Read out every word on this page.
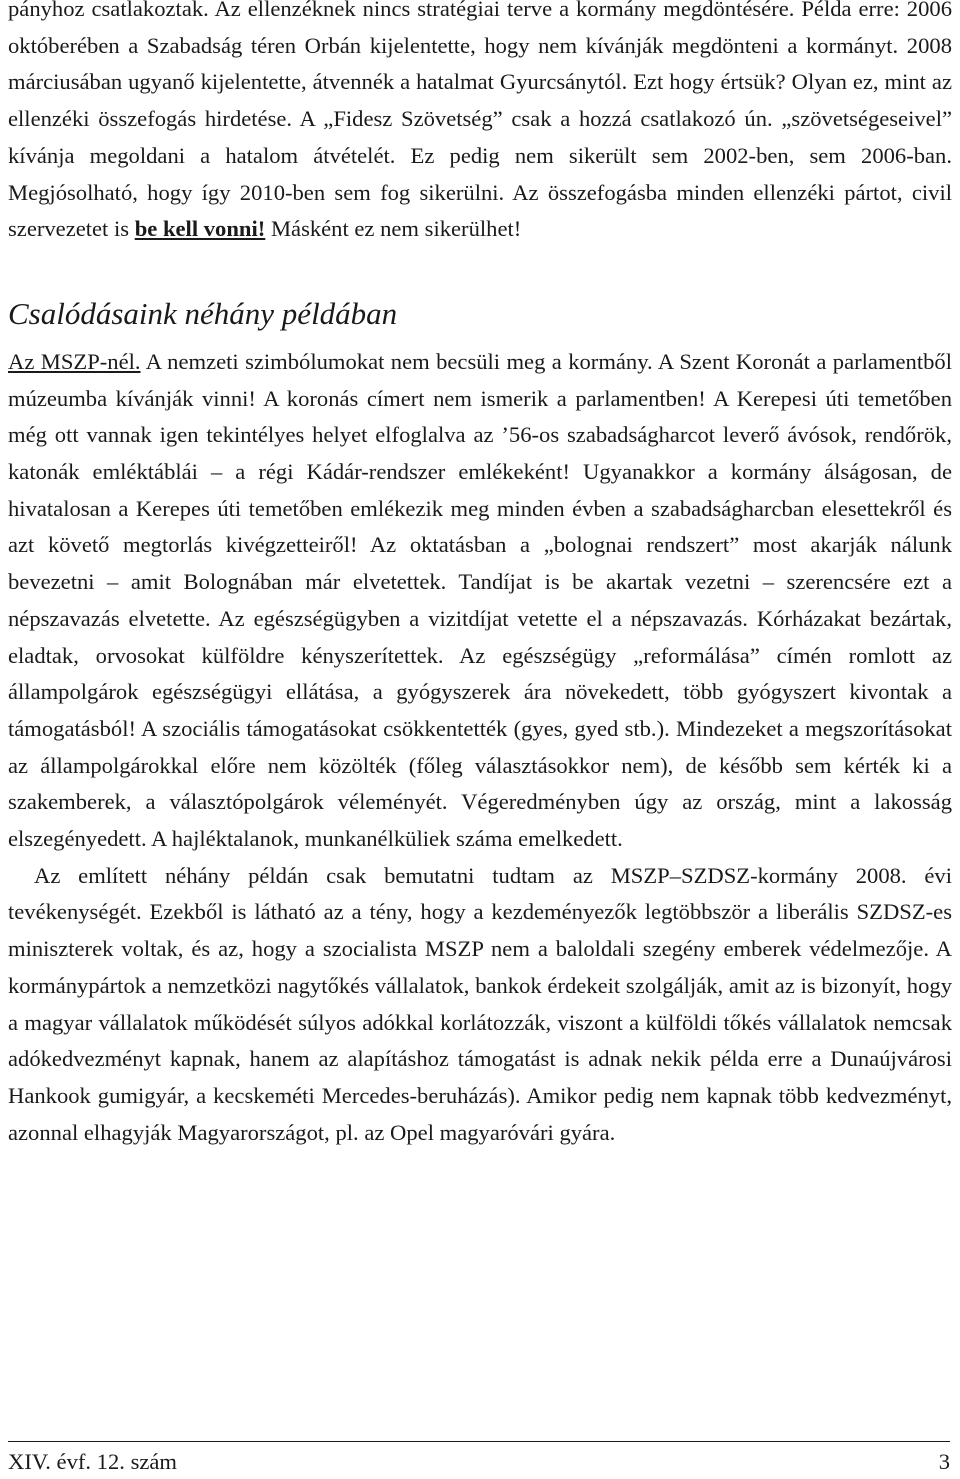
pányhoz csatlakoztak. Az ellenzéknek nincs stratégiai terve a kormány megdöntésére. Példa erre: 2006 októberében a Szabadság téren Orbán kijelentette, hogy nem kívánják megdönteni a kormányt. 2008 márciusában ugyanő kijelentette, átvennék a hatalmat Gyurcsánytól. Ezt hogy értsük? Olyan ez, mint az ellenzéki összefogás hirdetése. A „Fidesz Szövetség” csak a hozzá csatlakozó ún. „szövetségeseivel” kívánja megoldani a hatalom átvételét. Ez pedig nem sikerült sem 2002-ben, sem 2006-ban. Megjósolható, hogy így 2010-ben sem fog sikerülni. Az összefogásba minden ellenzéki pártot, civil szervezetet is be kell vonni! Másként ez nem sikerülhet!

Csalódásaink néhány példában

Az MSZP-nél. A nemzeti szimbólumokat nem becsüli meg a kormány. A Szent Koronát a parlamentből múzeumba kívánják vinni! A koronás címert nem ismerik a parlamentben! A Kerepesi úti temetőben még ott vannak igen tekintélyes helyet elfoglalva az ’56-os szabadságharcot leverő ávósok, rendőrök, katonák emléktáblái – a régi Kádár-rendszer emlékeként! Ugyanakkor a kormány álságosan, de hivatalosan a Kerepes úti temetőben emlékezik meg minden évben a szabadságharcban elesettekről és azt követő megtorlás kivégzetteiről! Az oktatásban a „bolognai rendszert” most akarják nálunk bevezetni – amit Bolognában már elvetettek. Tandíjat is be akartak vezetni – szerencsére ezt a népszavazás elvetette. Az egészségügyben a vizitdíjat vetette el a népszavazás. Kórházakat bezártak, eladtak, orvosokat külföldre kényszerítettek. Az egészségügy „reformálása” címén romlott az állampolgárok egészségügyi ellátása, a gyógyszerek ára növekedett, több gyógyszert kivontak a támogatásból! A szociális támogatásokat csökkentették (gyes, gyed stb.). Mindezeket a megszorításokat az állampolgárokkal előre nem közölték (főleg választásokkor nem), de később sem kérték ki a szakemberek, a választópolgárok véleményét. Végeredményben úgy az ország, mint a lakosság elszegényedett. A hajléktalanok, munkanélküliek száma emelkedett.

Az említett néhány példán csak bemutatni tudtam az MSZP–SZDSZ-kormány 2008. évi tevékenységét. Ezekből is látható az a tény, hogy a kezdeményezők legtöbbször a liberális SZDSZ-es miniszterek voltak, és az, hogy a szocialista MSZP nem a baloldali szegény emberek védelmezője. A kormánypártok a nemzetközi nagytőkés vállalatok, bankok érdekeit szolgálják, amit az is bizonyít, hogy a magyar vállalatok működését súlyos adókkal korlátozzák, viszont a külföldi tőkés vállalatok nemcsak adókedvezményt kapnak, hanem az alapításhoz támogatást is adnak nekik példa erre a Dunaújvárosi Hankook gumigyár, a kecskeméti Mercedes-beruházás). Amikor pedig nem kapnak több kedvezményt, azonnal elhagyják Magyarországot, pl. az Opel magyaróvári gyára.

XIV. évf. 12. szám	3
